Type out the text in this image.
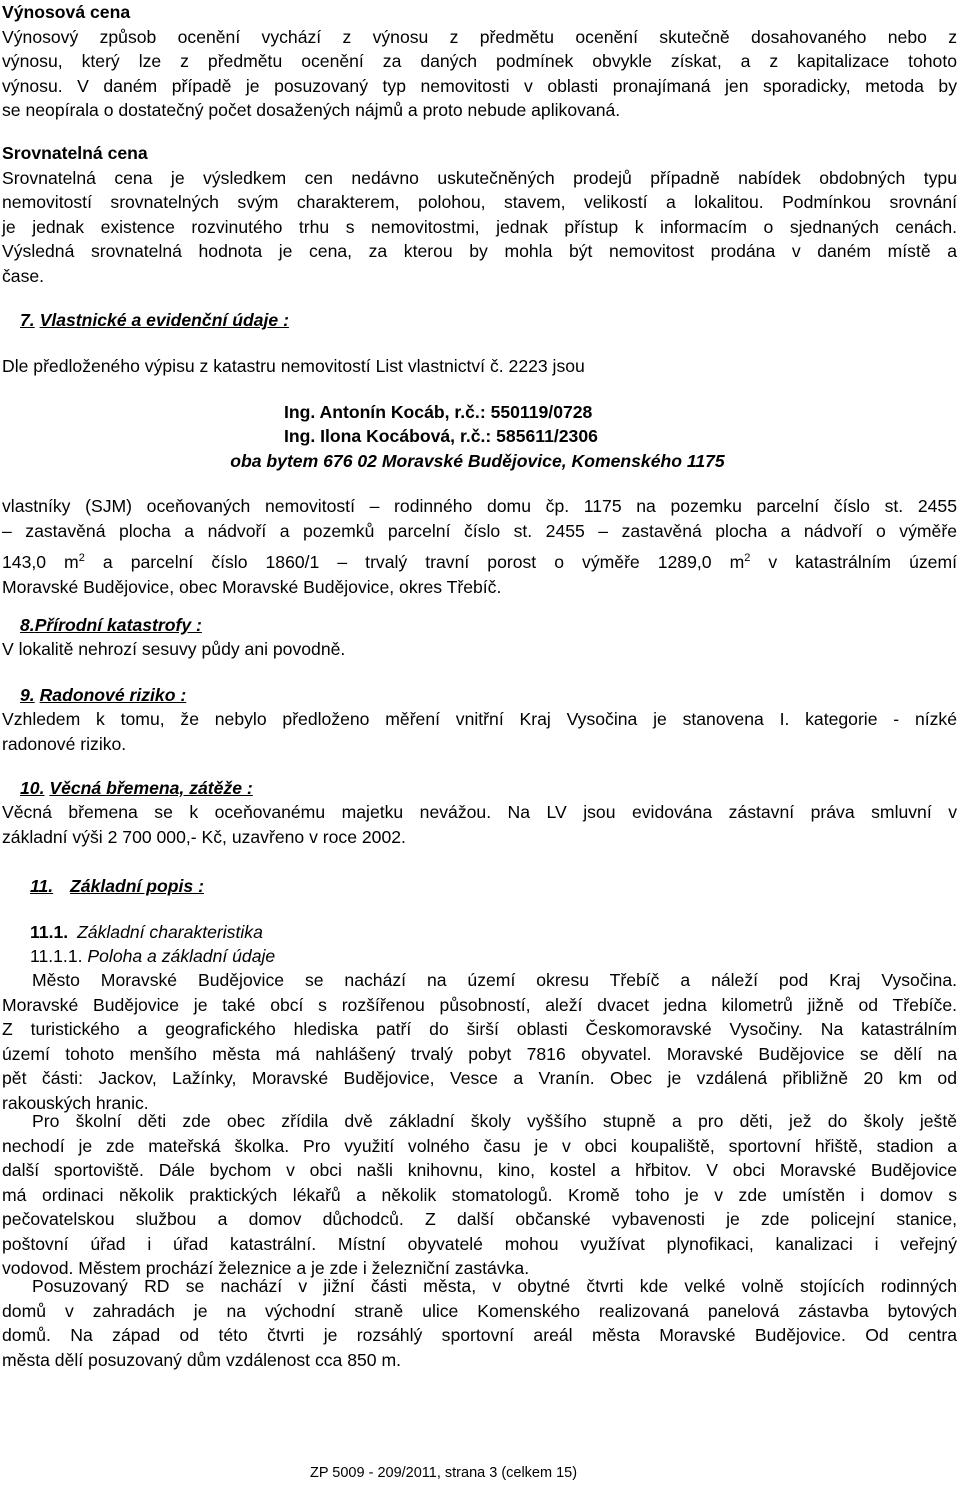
Výnosová cena
Výnosový způsob ocenění vychází z výnosu z předmětu ocenění skutečně dosahovaného nebo z
výnosu, který lze z předmětu ocenění za daných podmínek obvykle získat, a z kapitalizace tohoto
výnosu. V daném případě je posuzovaný typ nemovitosti v oblasti pronajímaná jen sporadicky, metoda by
se neopírala o dostatečný počet dosažených nájmů a proto nebude aplikovaná.
Srovnatelná cena
Srovnatelná cena je výsledkem cen nedávno uskutečněných prodejů případně nabídek obdobných typu
nemovitostí srovnatelných svým charakterem, polohou, stavem, velikostí a lokalitou. Podmínkou srovnání
je jednak existence rozvinutého trhu s nemovitostmi, jednak přístup k informacím o sjednaných cenách.
Výsledná srovnatelná hodnota je cena, za kterou by mohla být nemovitost prodána v daném místě a
čase.
7. Vlastnické a evidenční údaje :
Dle předloženého výpisu z katastru nemovitostí List vlastnictví č. 2223 jsou
Ing. Antonín Kocáb, r.č.: 550119/0728
Ing. Ilona Kocábová, r.č.: 585611/2306
oba bytem 676 02 Moravské Budějovice, Komenského 1175
vlastníky (SJM) oceňovaných nemovitostí – rodinného domu čp. 1175 na pozemku parcelní číslo st. 2455
– zastavěná plocha a nádvoří a pozemků parcelní číslo st. 2455 – zastavěná plocha a nádvoří o výměře
143,0 $m^2$ a parcelní číslo 1860/1 – trvalý travní porost o výměře 1289,0 $m^2$ v katastrálním území
Moravské Budějovice, obec Moravské Budějovice, okres Třebíč.
8.Přírodní katastrofy :
V lokalitě nehrozí sesuvy půdy ani povodně.
9. Radonové riziko :
Vzhledem k tomu, že nebylo předloženo měření vnitřní Kraj Vysočina je stanovena I. kategorie - nízké
radonové riziko.
10. Věcná břemena, zátěže :
Věcná břemena se k oceňovanému majetku nevážou. Na LV jsou evidována zástavní práva smluvní v
základní výši 2 700 000,- Kč, uzavřeno v roce 2002.
11. Základní popis :
11.1. Základní charakteristika
11.1.1. Poloha a základní údaje
Město Moravské Budějovice se nachází na území okresu Třebíč a náleží pod Kraj Vysočina.
Moravské Budějovice je také obcí s rozšířenou působností, aleží dvacet jedna kilometrů jižně od Třebíče.
Z turistického a geografického hlediska patří do širší oblasti Českomoravské Vysočiny. Na katastrálním
území tohoto menšího města má nahlášený trvalý pobyt 7816 obyvatel. Moravské Budějovice se dělí na
pět části: Jackov, Lažínky, Moravské Budějovice, Vesce a Vranín. Obec je vzdálená přibližně 20 km od
rakouských hranic.
Pro školní děti zde obec zřídila dvě základní školy vyššího stupně a pro děti, jež do školy ještě
nechodí je zde mateřská školka. Pro využití volného času je v obci koupaliště, sportovní hřiště, stadion a
další sportoviště. Dále bychom v obci našli knihovnu, kino, kostel a hřbitov. V obci Moravské Budějovice
má ordinaci několik praktických lékařů a několik stomatologů. Kromě toho je v zde umístěn i domov s
pečovatelskou službou a domov důchodců. Z další občanské vybavenosti je zde policejní stanice,
poštovní úřad i úřad katastrální. Místní obyvatelé mohou využívat plynofikaci, kanalizaci i veřejný
vodovod. Městem prochází železnice a je zde i železniční zastávka.
Posuzovaný RD se nachází v jižní části města, v obytné čtvrti kde velké volně stojících rodinných
domů v zahradách je na východní straně ulice Komenského realizovaná panelová zástavba bytových
domů. Na západ od této čtvrti je rozsáhlý sportovní areál města Moravské Budějovice. Od centra
města dělí posuzovaný dům vzdálenost cca 850 m.
ZP 5009 - 209/2011, strana 3 (celkem 15)
